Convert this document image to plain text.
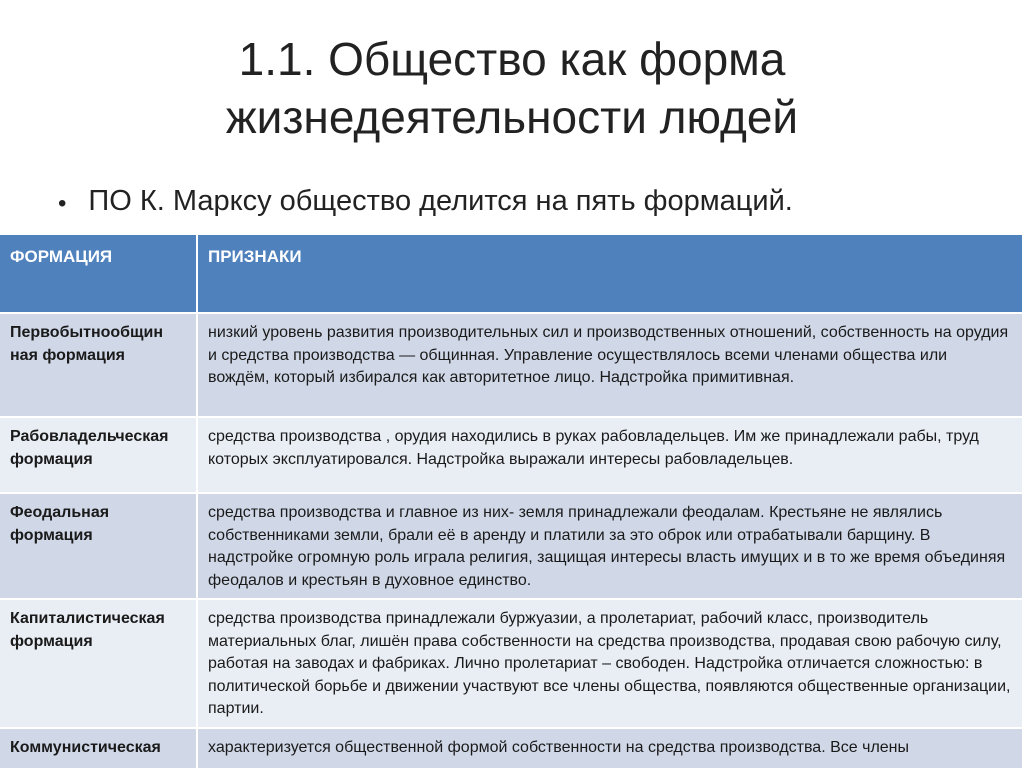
1.1. Общество как форма
жизнедеятельности людей
• ПО К. Марксу общество делится на пять формаций.
ФОРМАЦИЯ	ПРИЗНАКИ
Первобытнообщин ная формация	низкий уровень развития производительных сил и производственных отношений, собственность на орудия и средства производства — общинная. Управление осуществлялось всеми членами общества или вождём, который избирался как авторитетное лицо. Надстройка примитивная.
Рабовладельческая формация	средства производства , орудия находились в руках рабовладельцев. Им же принадлежали рабы, труд которых эксплуатировался. Надстройка выражали интересы рабовладельцев.
Феодальная формация	средства производства и главное из них- земля принадлежали феодалам. Крестьяне не являлись собственниками земли, брали её в аренду и платили за это оброк или отрабатывали барщину. В надстройке огромную роль играла религия, защищая интересы власть имущих и в то же время объединяя феодалов и крестьян в духовное единство.
Капиталистическая формация	средства производства принадлежали буржуазии, а пролетариат, рабочий класс, производитель материальных благ, лишён права собственности на средства производства, продавая свою рабочую силу, работая на заводах и фабриках. Лично пролетариат – свободен. Надстройка отличается сложностью: в политической борьбе и движении участвуют все члены общества, появляются общественные организации, партии.
Коммунистическая	характеризуется общественной формой собственности на средства производства. Все члены
